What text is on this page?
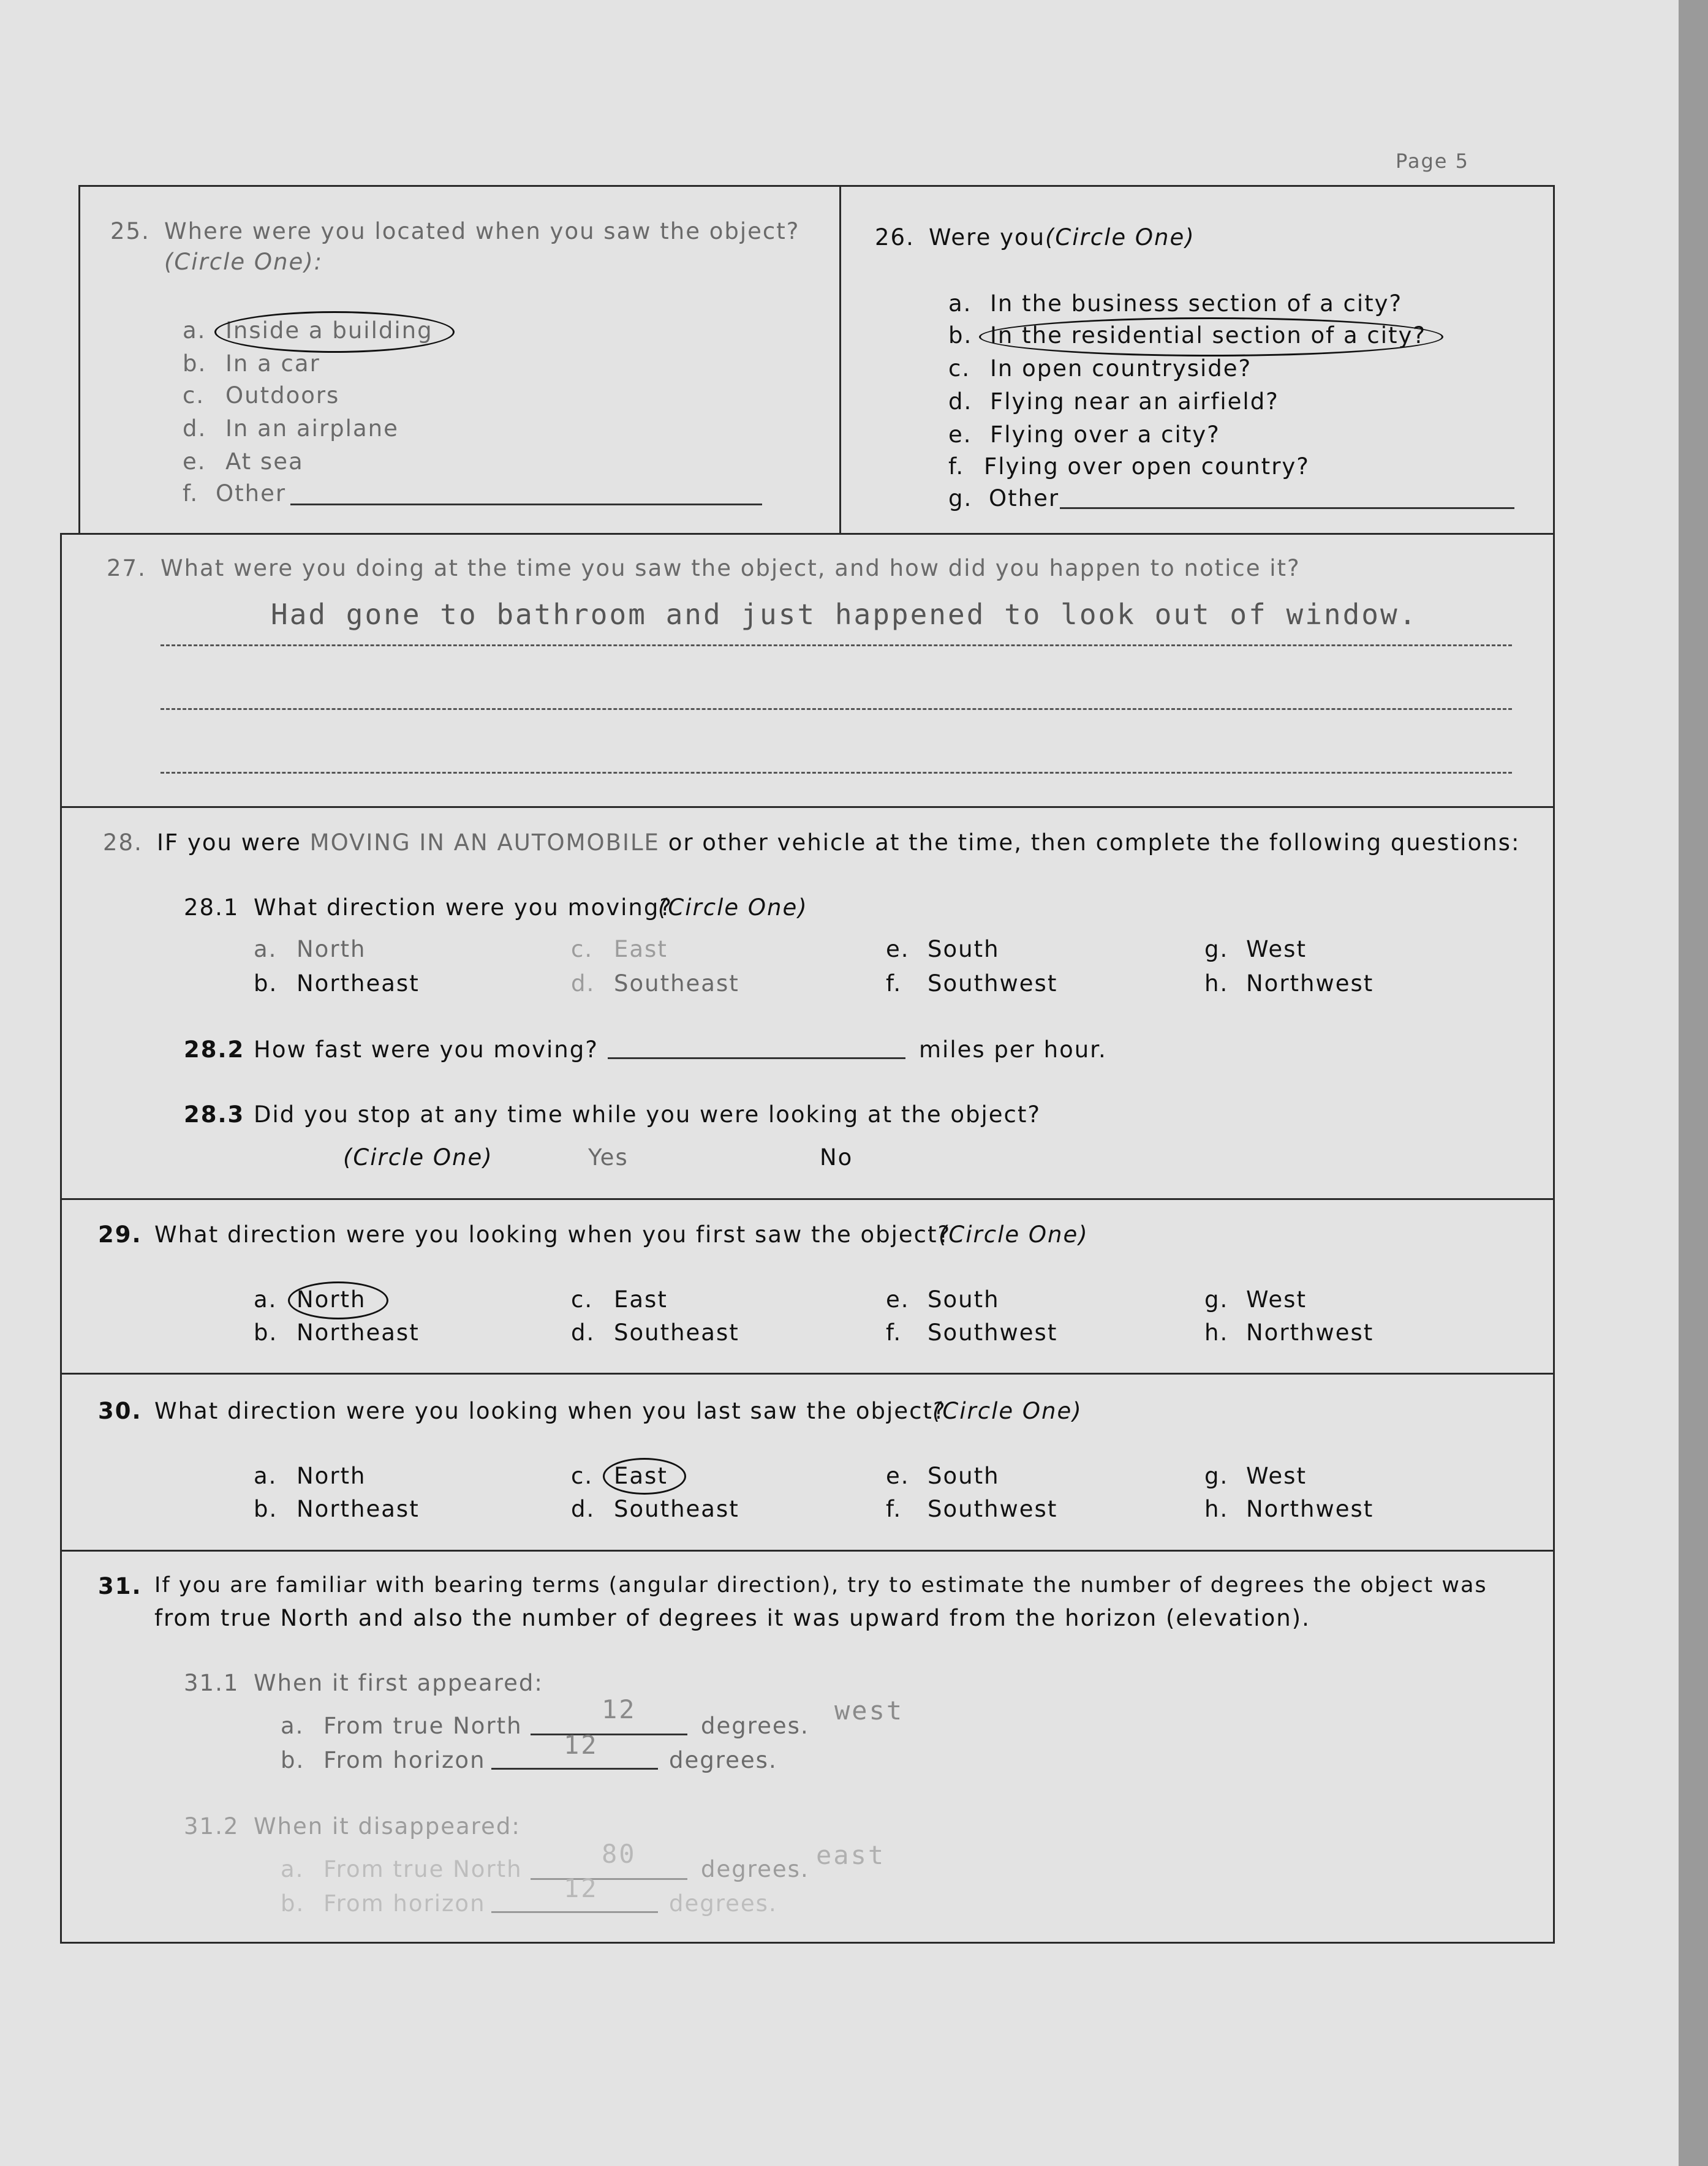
Page 5
25. Where were you located when you saw the object?
(Circle One):
a. Inside a building
b. In a car
c. Outdoors
d. In an airplane
e. At sea
f. Other
26. Were you (Circle One)
a. In the business section of a city?
b. In the residential section of a city?
c. In open countryside?
d. Flying near an airfield?
e. Flying over a city?
f. Flying over open country?
g. Other
27. What were you doing at the time you saw the object, and how did you happen to notice it?
Had gone to bathroom and just happened to look out of window.
28. IF you were MOVING IN AN AUTOMOBILE or other vehicle at the time, then complete the following questions:
28.1 What direction were you moving?
(Circle One)
a. North
b. Northeast
c. East
d. Southeast
e. South
f. Southwest
g. West
h. Northwest
28.2 How fast were you moving?	miles per hour.
28.3 Did you stop at any time while you were looking at the object?
(Circle One)	Yes	No
29. What direction were you looking when you first saw the object?
(Circle One)
a. North
b. Northeast
c. East
d. Southeast
e. South
f. Southwest
g. West
h. Northwest
30. What direction were you looking when you last saw the object?
(Circle One)
a. North
b. Northeast
c. East
d. Southeast
e. South
f. Southwest
g. West
h. Northwest
31. If you are familiar with bearing terms (angular direction), try to estimate the number of degrees the object was
from true North and also the number of degrees it was upward from the horizon (elevation).
31.1 When it first appeared:
a. From true North
12
degrees.
west
b. From horizon
12
degrees.
31.2 When it disappeared:
a. From true North
80
degrees. east
b. From horizon
12
degrees.
